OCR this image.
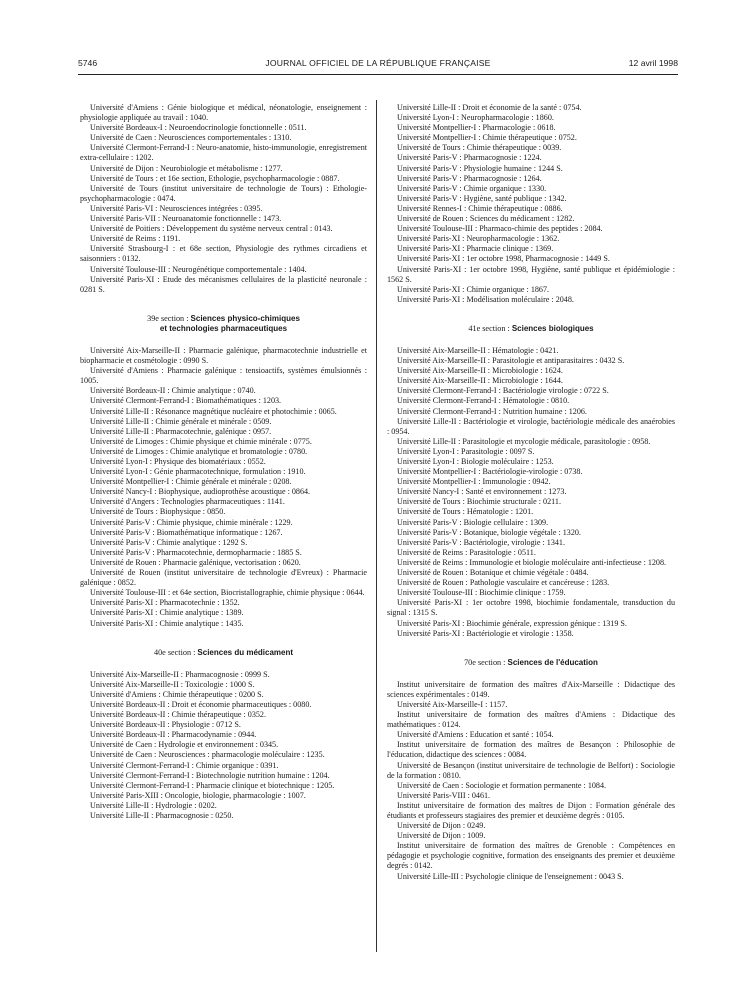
5746	JOURNAL OFFICIEL DE LA RÉPUBLIQUE FRANÇAISE	12 avril 1998

Université d'Amiens : Génie biologique et médical, néonatologie, enseignement : physiologie appliquée au travail : 1040.

Université Bordeaux-I : Neuroendocrinologie fonctionnelle : 0511.

Université de Caen : Neurosciences comportementales : 1310.

Université Clermont-Ferrand-I : Neuro-anatomie, histo-immunologie, enregistrement extra-cellulaire : 1202.

Université de Dijon : Neurobiologie et métabolisme : 1277.

Université de Tours : et 16e section, Ethologie, psychopharmacologie : 0887.

Université de Tours (institut universitaire de technologie de Tours) : Ethologie-psychopharmacologie : 0474.

Université Paris-VI : Neurosciences intégrées : 0395.

Université Paris-VII : Neuroanatomie fonctionnelle : 1473.

Université de Poitiers : Développement du système nerveux central : 0143.

Université de Reims : 1191.

Université Strasbourg-I : et 68e section, Physiologie des rythmes circadiens et saisonniers : 0132.

Université Toulouse-III : Neurogénétique comportementale : 1404.

Université Paris-XI : Etude des mécanismes cellulaires de la plasticité neuronale : 0281 S.

39e section : Sciences physico-chimiques

et technologies pharmaceutiques

Université Aix-Marseille-II : Pharmacie galénique, pharmacotechnie industrielle et biopharmacie et cosmétologie : 0990 S.

Université d'Amiens : Pharmacie galénique : tensioactifs, systèmes émulsionnés : 1005.

Université Bordeaux-II : Chimie analytique : 0740.

Université Clermont-Ferrand-I : Biomathématiques : 1203.

Université Lille-II : Résonance magnétique nucléaire et photochimie : 0065.

Université Lille-II : Chimie générale et minérale : 0509.

Université Lille-II : Pharmacotechnie, galénique : 0957.

Université de Limoges : Chimie physique et chimie minérale : 0775.

Université de Limoges : Chimie analytique et bromatologie : 0780.

Université Lyon-I : Physique des biomatériaux : 0552.

Université Lyon-I : Génie pharmacotechnique, formulation : 1910.

Université Montpellier-I : Chimie générale et minérale : 0208.

Université Nancy-I : Biophysique, audioprothèse acoustique : 0864.

Université d'Angers : Technologies pharmaceutiques : 1141.

Université de Tours : Biophysique : 0850.

Université Paris-V : Chimie physique, chimie minérale : 1229.

Université Paris-V : Biomathématique informatique : 1267.

Université Paris-V : Chimie analytique : 1292 S.

Université Paris-V : Pharmacotechnie, dermopharmacie : 1885 S.

Université de Rouen : Pharmacie galénique, vectorisation : 0620.

Université de Rouen (institut universitaire de technologie d'Evreux) : Pharmacie galénique : 0852.

Université Toulouse-III : et 64e section, Biocristallographie, chimie physique : 0644.

Université Paris-XI : Pharmacotechnie : 1352.

Université Paris-XI : Chimie analytique : 1389.

Université Paris-XI : Chimie analytique : 1435.

40e section : Sciences du médicament

Université Aix-Marseille-II : Pharmacognosie : 0999 S.

Université Aix-Marseille-II : Toxicologie : 1000 S.

Université d'Amiens : Chimie thérapeutique : 0200 S.

Université Bordeaux-II : Droit et économie pharmaceutiques : 0080.

Université Bordeaux-II : Chimie thérapeutique : 0352.

Université Bordeaux-II : Physiologie : 0712 S.

Université Bordeaux-II : Pharmacodynamie : 0944.

Université de Caen : Hydrologie et environnement : 0345.

Université de Caen : Neurosciences : pharmacologie moléculaire : 1235.

Université Clermont-Ferrand-I : Chimie organique : 0391.

Université Clermont-Ferrand-I : Biotechnologie nutrition humaine : 1204.

Université Clermont-Ferrand-I : Pharmacie clinique et biotechnique : 1205.

Université Paris-XIII : Oncologie, biologie, pharmacologie : 1007.

Université Lille-II : Hydrologie : 0202.

Université Lille-II : Pharmacognosie : 0250.

Université Lille-II : Droit et économie de la santé : 0754.

Université Lyon-I : Neuropharmacologie : 1860.

Université Montpellier-I : Pharmacologie : 0618.

Université Montpellier-I : Chimie thérapeutique : 0752.

Université de Tours : Chimie thérapeutique : 0039.

Université Paris-V : Pharmacognosie : 1224.

Université Paris-V : Physiologie humaine : 1244 S.

Université Paris-V : Pharmacognosie : 1264.

Université Paris-V : Chimie organique : 1330.

Université Paris-V : Hygiène, santé publique : 1342.

Université Rennes-I : Chimie thérapeutique : 0886.

Université de Rouen : Sciences du médicament : 1282.

Université Toulouse-III : Pharmaco-chimie des peptides : 2084.

Université Paris-XI : Neuropharmacologie : 1362.

Université Paris-XI : Pharmacie clinique : 1369.

Université Paris-XI : 1er octobre 1998, Pharmacognosie : 1449 S.

Université Paris-XI : 1er octobre 1998, Hygiène, santé publique et épidémiologie : 1562 S.

Université Paris-XI : Chimie organique : 1867.

Université Paris-XI : Modélisation moléculaire : 2048.

41e section : Sciences biologiques

Université Aix-Marseille-II : Hématologie : 0421.

Université Aix-Marseille-II : Parasitologie et antiparasitaires : 0432 S.

Université Aix-Marseille-II : Microbiologie : 1624.

Université Aix-Marseille-II : Microbiologie : 1644.

Université Clermont-Ferrand-I : Bactériologie virologie : 0722 S.

Université Clermont-Ferrand-I : Hématologie : 0810.

Université Clermont-Ferrand-I : Nutrition humaine : 1206.

Université Lille-II : Bactériologie et virologie, bactériologie médicale des anaérobies : 0954.

Université Lille-II : Parasitologie et mycologie médicale, parasitologie : 0958.

Université Lyon-I : Parasitologie : 0097 S.

Université Lyon-I : Biologie moléculaire : 1253.

Université Montpellier-I : Bactériologie-virologie : 0738.

Université Montpellier-I : Immunologie : 0942.

Université Nancy-I : Santé et environnement : 1273.

Université de Tours : Biochimie structurale : 0211.

Université de Tours : Hématologie : 1201.

Université Paris-V : Biologie cellulaire : 1309.

Université Paris-V : Botanique, biologie végétale : 1320.

Université Paris-V : Bactériologie, virologie : 1341.

Université de Reims : Parasitologie : 0511.

Université de Reims : Immunologie et biologie moléculaire anti-infectieuse : 1208.

Université de Rouen : Botanique et chimie végétale : 0484.

Université de Rouen : Pathologie vasculaire et cancéreuse : 1283.

Université Toulouse-III : Biochimie clinique : 1759.

Université Paris-XI : 1er octobre 1998, biochimie fondamentale, transduction du signal : 1315 S.

Université Paris-XI : Biochimie générale, expression génique : 1319 S.

Université Paris-XI : Bactériologie et virologie : 1358.

70e section : Sciences de l'éducation

Institut universitaire de formation des maîtres d'Aix-Marseille : Didactique des sciences expérimentales : 0149.

Université Aix-Marseille-I : 1157.

Institut universitaire de formation des maîtres d'Amiens : Didactique des mathématiques : 0124.

Université d'Amiens : Education et santé : 1054.

Institut universitaire de formation des maîtres de Besançon : Philosophie de l'éducation, didactique des sciences : 0084.

Université de Besançon (institut universitaire de technologie de Belfort) : Sociologie de la formation : 0810.

Université de Caen : Sociologie et formation permanente : 1084.

Université Paris-VIII : 0461.

Institut universitaire de formation des maîtres de Dijon : Formation générale des étudiants et professeurs stagiaires des premier et deuxième degrés : 0105.

Université de Dijon : 0249.

Université de Dijon : 1009.

Institut universitaire de formation des maîtres de Grenoble : Compétences en pédagogie et psychologie cognitive, formation des enseignants des premier et deuxième degrés : 0142.

Université Lille-III : Psychologie clinique de l'enseignement : 0043 S.
